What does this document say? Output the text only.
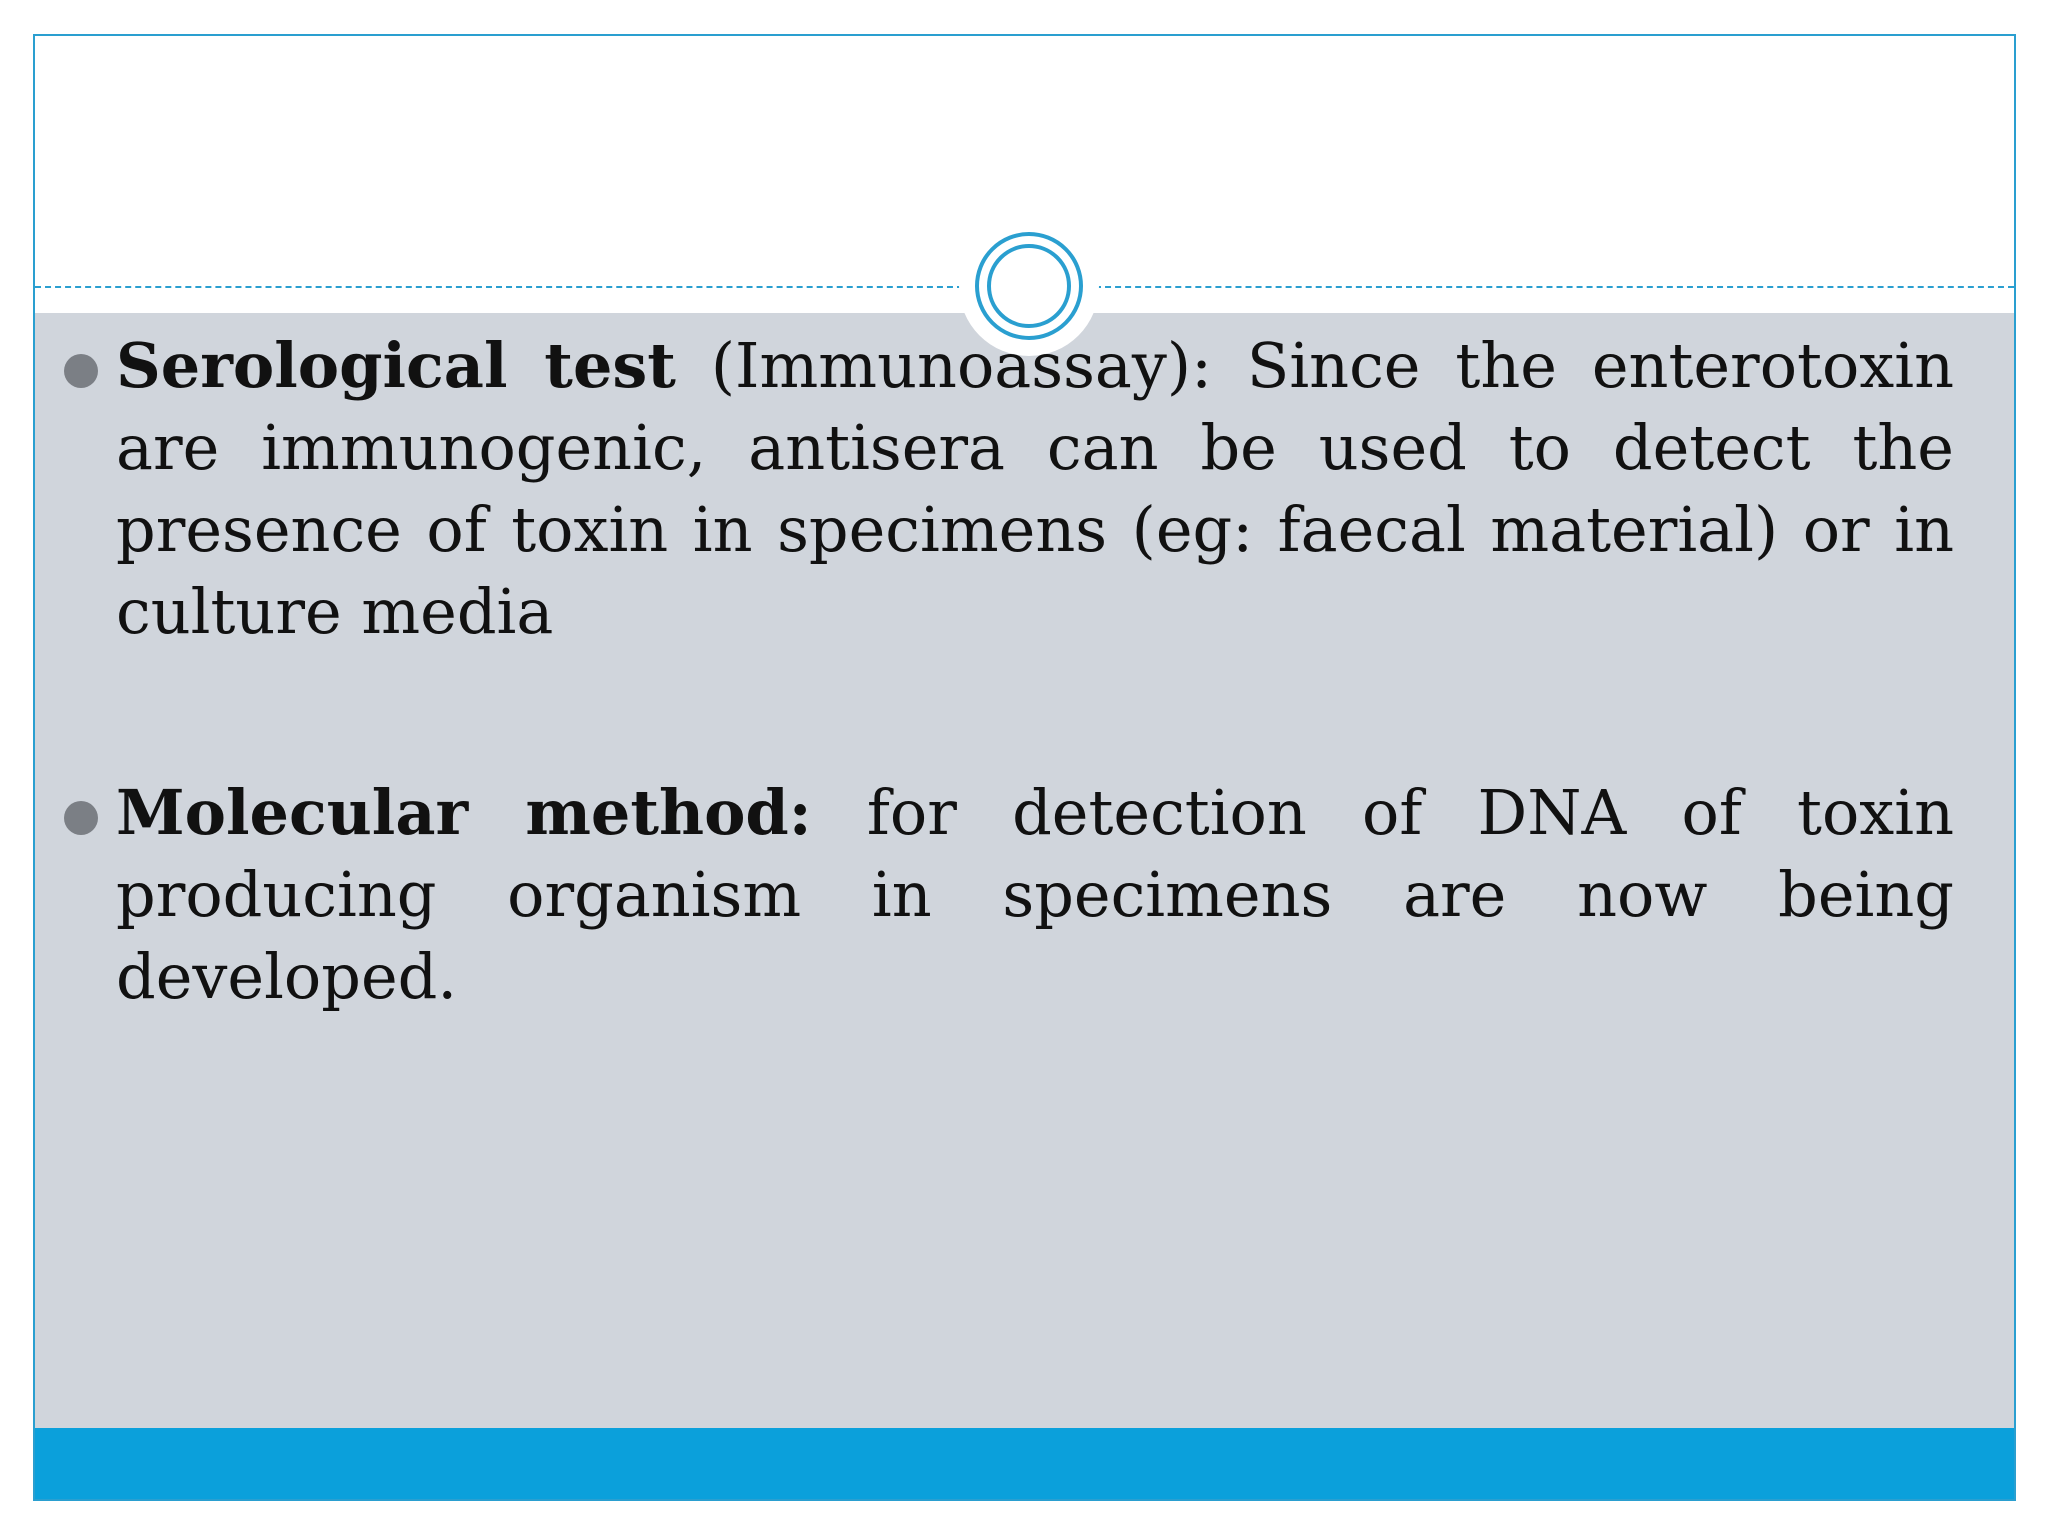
Serological test (Immunoassay): Since the enterotoxin are immunogenic, antisera can be used to detect the presence of toxin in specimens (eg: faecal material) or in culture media
Molecular method: for detection of DNA of toxin producing organism in specimens are now being developed.
